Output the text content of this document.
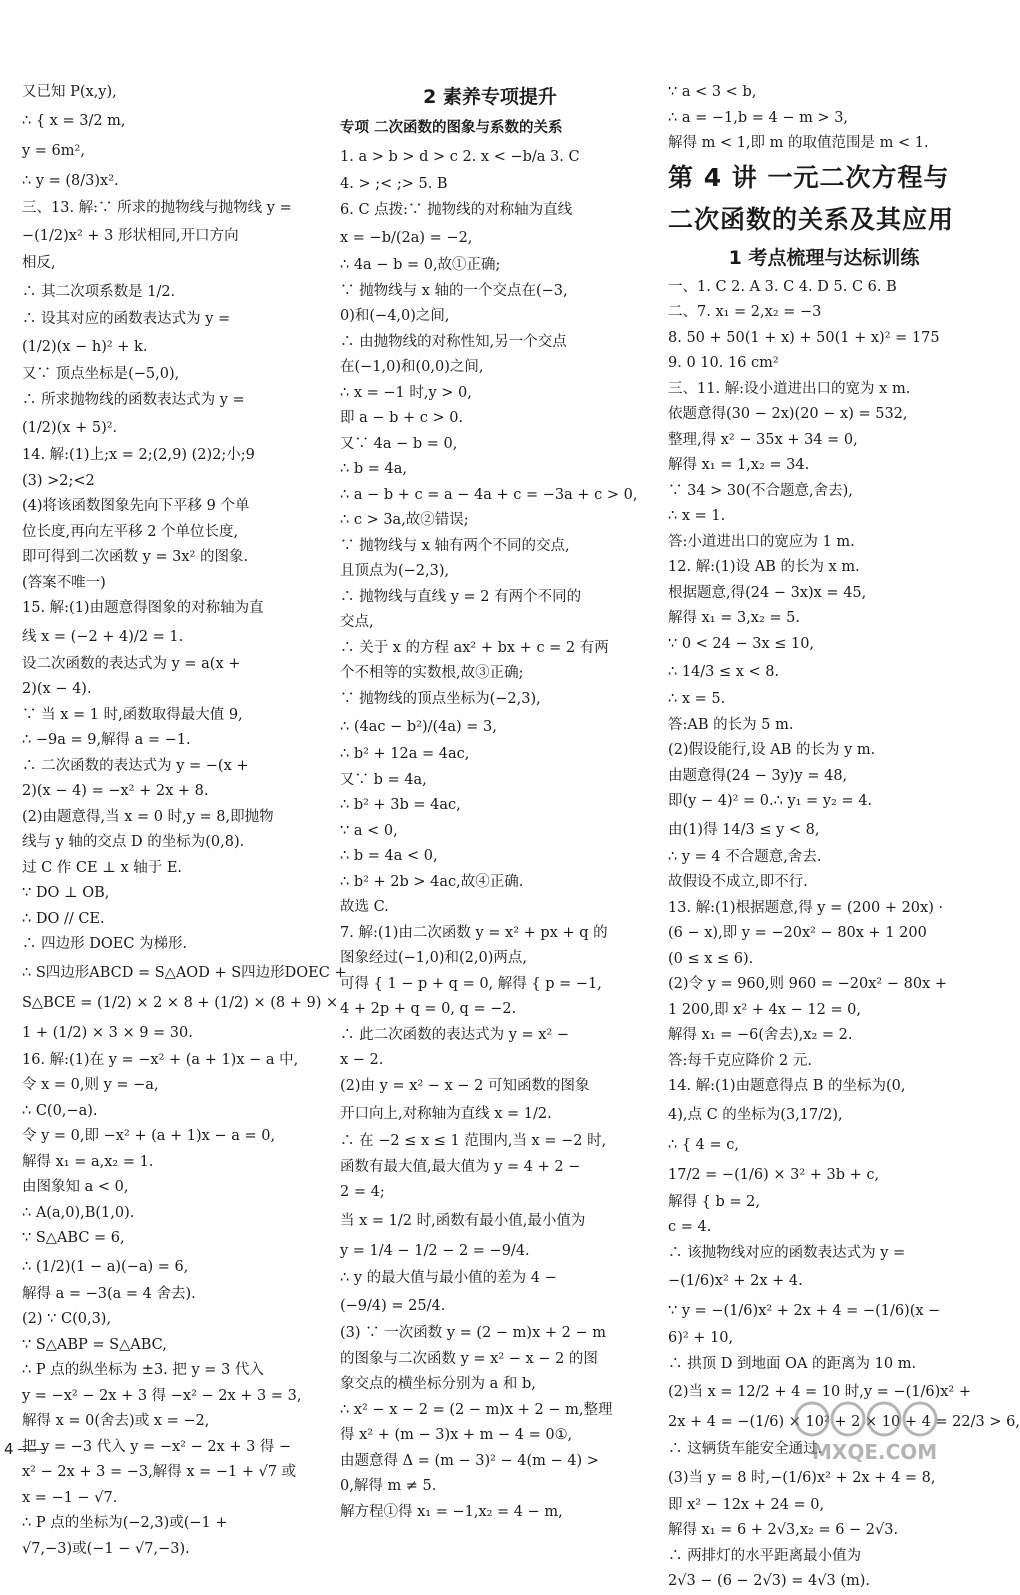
又已知 P(x,y),
∴ { x = 3/2 m,
y = 6m²,
∴ y = (8/3)x².
三、13. 解:∵ 所求的抛物线与抛物线 y =
−(1/2)x² + 3 形状相同,开口方向
相反,
∴ 其二次项系数是 1/2.
∴ 设其对应的函数表达式为 y =
(1/2)(x − h)² + k.
又∵ 顶点坐标是(−5,0),
∴ 所求抛物线的函数表达式为 y =
(1/2)(x + 5)².
14. 解:(1)上;x = 2;(2,9) (2)2;小;9
(3) >2;<2
(4)将该函数图象先向下平移 9 个单
位长度,再向左平移 2 个单位长度,
即可得到二次函数 y = 3x² 的图象.
(答案不唯一)
15. 解:(1)由题意得图象的对称轴为直
线 x = (−2 + 4)/2 = 1.
设二次函数的表达式为 y = a(x +
2)(x − 4).
∵ 当 x = 1 时,函数取得最大值 9,
∴ −9a = 9,解得 a = −1.
∴ 二次函数的表达式为 y = −(x +
2)(x − 4) = −x² + 2x + 8.
(2)由题意得,当 x = 0 时,y = 8,即抛物
线与 y 轴的交点 D 的坐标为(0,8).
过 C 作 CE ⊥ x 轴于 E.
∵ DO ⊥ OB,
∴ DO // CE.
∴ 四边形 DOEC 为梯形.
∴ S四边形ABCD = S△AOD + S四边形DOEC +
S△BCE = (1/2) × 2 × 8 + (1/2) × (8 + 9) ×
1 + (1/2) × 3 × 9 = 30.
16. 解:(1)在 y = −x² + (a + 1)x − a 中,
令 x = 0,则 y = −a,
∴ C(0,−a).
令 y = 0,即 −x² + (a + 1)x − a = 0,
解得 x₁ = a,x₂ = 1.
由图象知 a < 0,
∴ A(a,0),B(1,0).
∵ S△ABC = 6,
∴ (1/2)(1 − a)(−a) = 6,
解得 a = −3(a = 4 舍去).
(2) ∵ C(0,3),
∵ S△ABP = S△ABC,
∴ P 点的纵坐标为 ±3. 把 y = 3 代入
y = −x² − 2x + 3 得 −x² − 2x + 3 = 3,
解得 x = 0(舍去)或 x = −2,
把 y = −3 代入 y = −x² − 2x + 3 得 −
x² − 2x + 3 = −3,解得 x = −1 + √7 或
x = −1 − √7.
∴ P 点的坐标为(−2,3)或(−1 +
√7,−3)或(−1 − √7,−3).
2 素养专项提升
专项 二次函数的图象与系数的关系
1. a > b > d > c 2. x < −b/a 3. C
4. > ;< ;> 5. B
6. C 点拨:∵ 抛物线的对称轴为直线
x = −b/(2a) = −2,
∴ 4a − b = 0,故①正确;
∵ 抛物线与 x 轴的一个交点在(−3,
0)和(−4,0)之间,
∴ 由抛物线的对称性知,另一个交点
在(−1,0)和(0,0)之间,
∴ x = −1 时,y > 0,
即 a − b + c > 0.
又∵ 4a − b = 0,
∴ b = 4a,
∴ a − b + c = a − 4a + c = −3a + c > 0,
∴ c > 3a,故②错误;
∵ 抛物线与 x 轴有两个不同的交点,
且顶点为(−2,3),
∴ 抛物线与直线 y = 2 有两个不同的
交点,
∴ 关于 x 的方程 ax² + bx + c = 2 有两
个不相等的实数根,故③正确;
∵ 抛物线的顶点坐标为(−2,3),
∴ (4ac − b²)/(4a) = 3,
∴ b² + 12a = 4ac,
又∵ b = 4a,
∴ b² + 3b = 4ac,
∵ a < 0,
∴ b = 4a < 0,
∴ b² + 2b > 4ac,故④正确.
故选 C.
7. 解:(1)由二次函数 y = x² + px + q 的
图象经过(−1,0)和(2,0)两点,
可得 { 1 − p + q = 0, 解得 { p = −1,
4 + 2p + q = 0, q = −2.
∴ 此二次函数的表达式为 y = x² −
x − 2.
(2)由 y = x² − x − 2 可知函数的图象
开口向上,对称轴为直线 x = 1/2.
∴ 在 −2 ≤ x ≤ 1 范围内,当 x = −2 时,
函数有最大值,最大值为 y = 4 + 2 −
2 = 4;
当 x = 1/2 时,函数有最小值,最小值为
y = 1/4 − 1/2 − 2 = −9/4.
∴ y 的最大值与最小值的差为 4 −
(−9/4) = 25/4.
(3) ∵ 一次函数 y = (2 − m)x + 2 − m
的图象与二次函数 y = x² − x − 2 的图
象交点的横坐标分别为 a 和 b,
∴ x² − x − 2 = (2 − m)x + 2 − m,整理
得 x² + (m − 3)x + m − 4 = 0①,
由题意得 Δ = (m − 3)² − 4(m − 4) >
0,解得 m ≠ 5.
解方程①得 x₁ = −1,x₂ = 4 − m,
∵ a < 3 < b,
∴ a = −1,b = 4 − m > 3,
解得 m < 1,即 m 的取值范围是 m < 1.
第 4 讲 一元二次方程与
二次函数的关系及其应用
1 考点梳理与达标训练
一、1. C 2. A 3. C 4. D 5. C 6. B
二、7. x₁ = 2,x₂ = −3
8. 50 + 50(1 + x) + 50(1 + x)² = 175
9. 0 10. 16 cm²
三、11. 解:设小道进出口的宽为 x m.
依题意得(30 − 2x)(20 − x) = 532,
整理,得 x² − 35x + 34 = 0,
解得 x₁ = 1,x₂ = 34.
∵ 34 > 30(不合题意,舍去),
∴ x = 1.
答:小道进出口的宽应为 1 m.
12. 解:(1)设 AB 的长为 x m.
根据题意,得(24 − 3x)x = 45,
解得 x₁ = 3,x₂ = 5.
∵ 0 < 24 − 3x ≤ 10,
∴ 14/3 ≤ x < 8.
∴ x = 5.
答:AB 的长为 5 m.
(2)假设能行,设 AB 的长为 y m.
由题意得(24 − 3y)y = 48,
即(y − 4)² = 0.∴ y₁ = y₂ = 4.
由(1)得 14/3 ≤ y < 8,
∴ y = 4 不合题意,舍去.
故假设不成立,即不行.
13. 解:(1)根据题意,得 y = (200 + 20x) ·
(6 − x),即 y = −20x² − 80x + 1 200
(0 ≤ x ≤ 6).
(2)令 y = 960,则 960 = −20x² − 80x +
1 200,即 x² + 4x − 12 = 0,
解得 x₁ = −6(舍去),x₂ = 2.
答:每千克应降价 2 元.
14. 解:(1)由题意得点 B 的坐标为(0,
4),点 C 的坐标为(3,17/2),
∴ { 4 = c,
17/2 = −(1/6) × 3² + 3b + c,
解得 { b = 2,
c = 4.
∴ 该抛物线对应的函数表达式为 y =
−(1/6)x² + 2x + 4.
∵ y = −(1/6)x² + 2x + 4 = −(1/6)(x −
6)² + 10,
∴ 拱顶 D 到地面 OA 的距离为 10 m.
(2)当 x = 12/2 + 4 = 10 时,y = −(1/6)x² +
2x + 4 = −(1/6) × 10² + 2 × 10 + 4 = 22/3 > 6,
∴ 这辆货车能安全通过.
(3)当 y = 8 时,−(1/6)x² + 2x + 4 = 8,
即 x² − 12x + 24 = 0,
解得 x₁ = 6 + 2√3,x₂ = 6 − 2√3.
∴ 两排灯的水平距离最小值为
2√3 − (6 − 2√3) = 4√3 (m).
4	MXQE.COM
